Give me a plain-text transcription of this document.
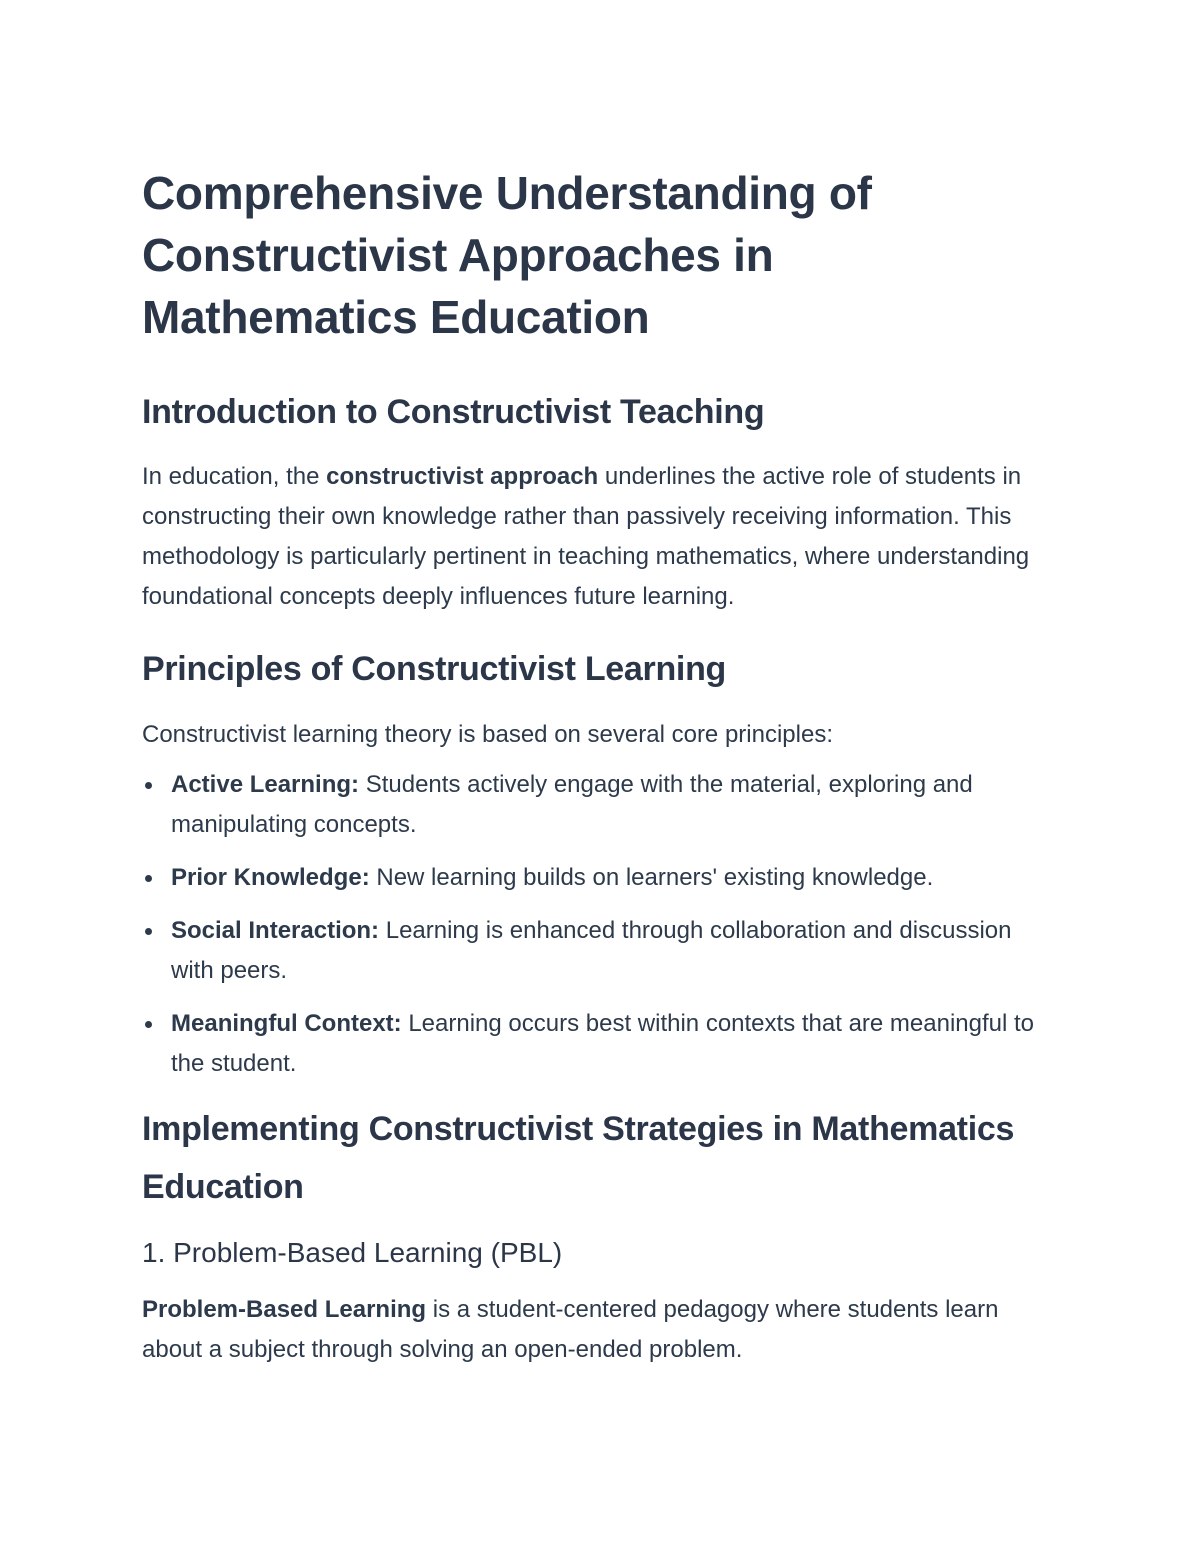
Comprehensive Understanding of Constructivist Approaches in Mathematics Education
Introduction to Constructivist Teaching

In education, the constructivist approach underlines the active role of students in constructing their own knowledge rather than passively receiving information. This methodology is particularly pertinent in teaching mathematics, where understanding foundational concepts deeply influences future learning.

Principles of Constructivist Learning

Constructivist learning theory is based on several core principles:

Active Learning: Students actively engage with the material, exploring and manipulating concepts.
Prior Knowledge: New learning builds on learners' existing knowledge.
Social Interaction: Learning is enhanced through collaboration and discussion with peers.
Meaningful Context: Learning occurs best within contexts that are meaningful to the student.
Implementing Constructivist Strategies in Mathematics Education
1. Problem-Based Learning (PBL)

Problem-Based Learning is a student-centered pedagogy where students learn about a subject through solving an open-ended problem.
